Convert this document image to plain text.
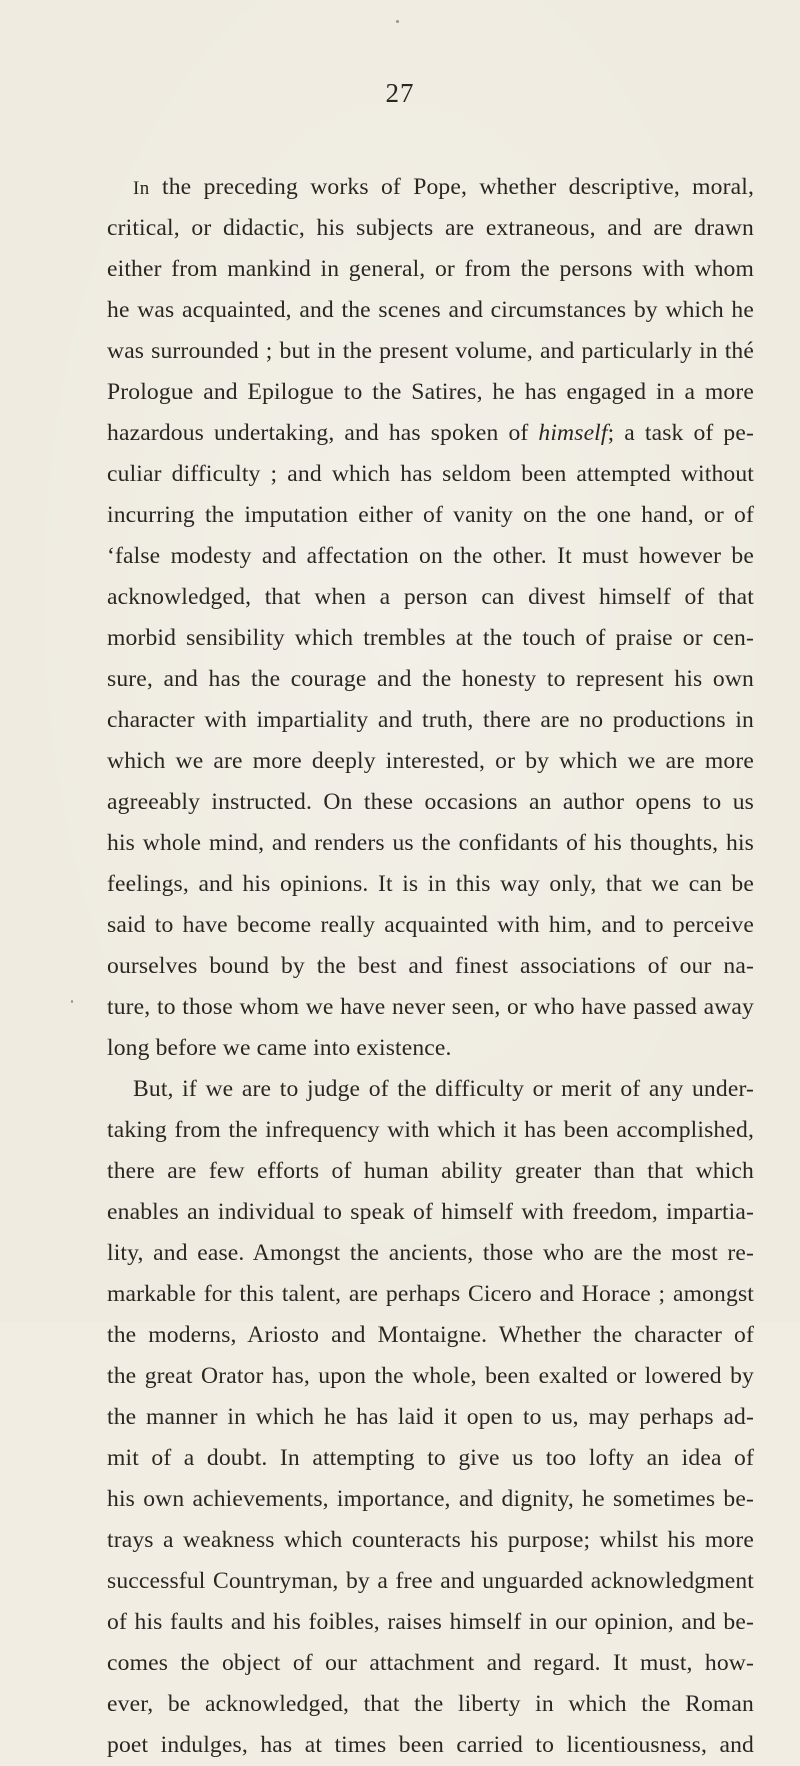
27
In the preceding works of Pope, whether descriptive, moral,
critical, or didactic, his subjects are extraneous, and are drawn
either from mankind in general, or from the persons with whom
he was acquainted, and the scenes and circumstances by which he
was surrounded ; but in the present volume, and particularly in thé
Prologue and Epilogue to the Satires, he has engaged in a more
hazardous undertaking, and has spoken of himself; a task of pe-
culiar difficulty ; and which has seldom been attempted without
incurring the imputation either of vanity on the one hand, or of
‘false modesty and affectation on the other. It must however be
acknowledged, that when a person can divest himself of that
morbid sensibility which trembles at the touch of praise or cen-
sure, and has the courage and the honesty to represent his own
character with impartiality and truth, there are no productions in
which we are more deeply interested, or by which we are more
agreeably instructed. On these occasions an author opens to us
his whole mind, and renders us the confidants of his thoughts, his
feelings, and his opinions. It is in this way only, that we can be
said to have become really acquainted with him, and to perceive
ourselves bound by the best and finest associations of our na-
ture, to those whom we have never seen, or who have passed away
long before we came into existence.
But, if we are to judge of the difficulty or merit of any under-
taking from the infrequency with which it has been accomplished,
there are few efforts of human ability greater than that which
enables an individual to speak of himself with freedom, impartia-
lity, and ease. Amongst the ancients, those who are the most re-
markable for this talent, are perhaps Cicero and Horace ; amongst
the moderns, Ariosto and Montaigne. Whether the character of
the great Orator has, upon the whole, been exalted or lowered by
the manner in which he has laid it open to us, may perhaps ad-
mit of a doubt. In attempting to give us too lofty an idea of
his own achievements, importance, and dignity, he sometimes be-
trays a weakness which counteracts his purpose; whilst his more
successful Countryman, by a free and unguarded acknowledgment
of his faults and his foibles, raises himself in our opinion, and be-
comes the object of our attachment and regard. It must, how-
ever, be acknowledged, that the liberty in which the Roman
poet indulges, has at times been carried to licentiousness, and
